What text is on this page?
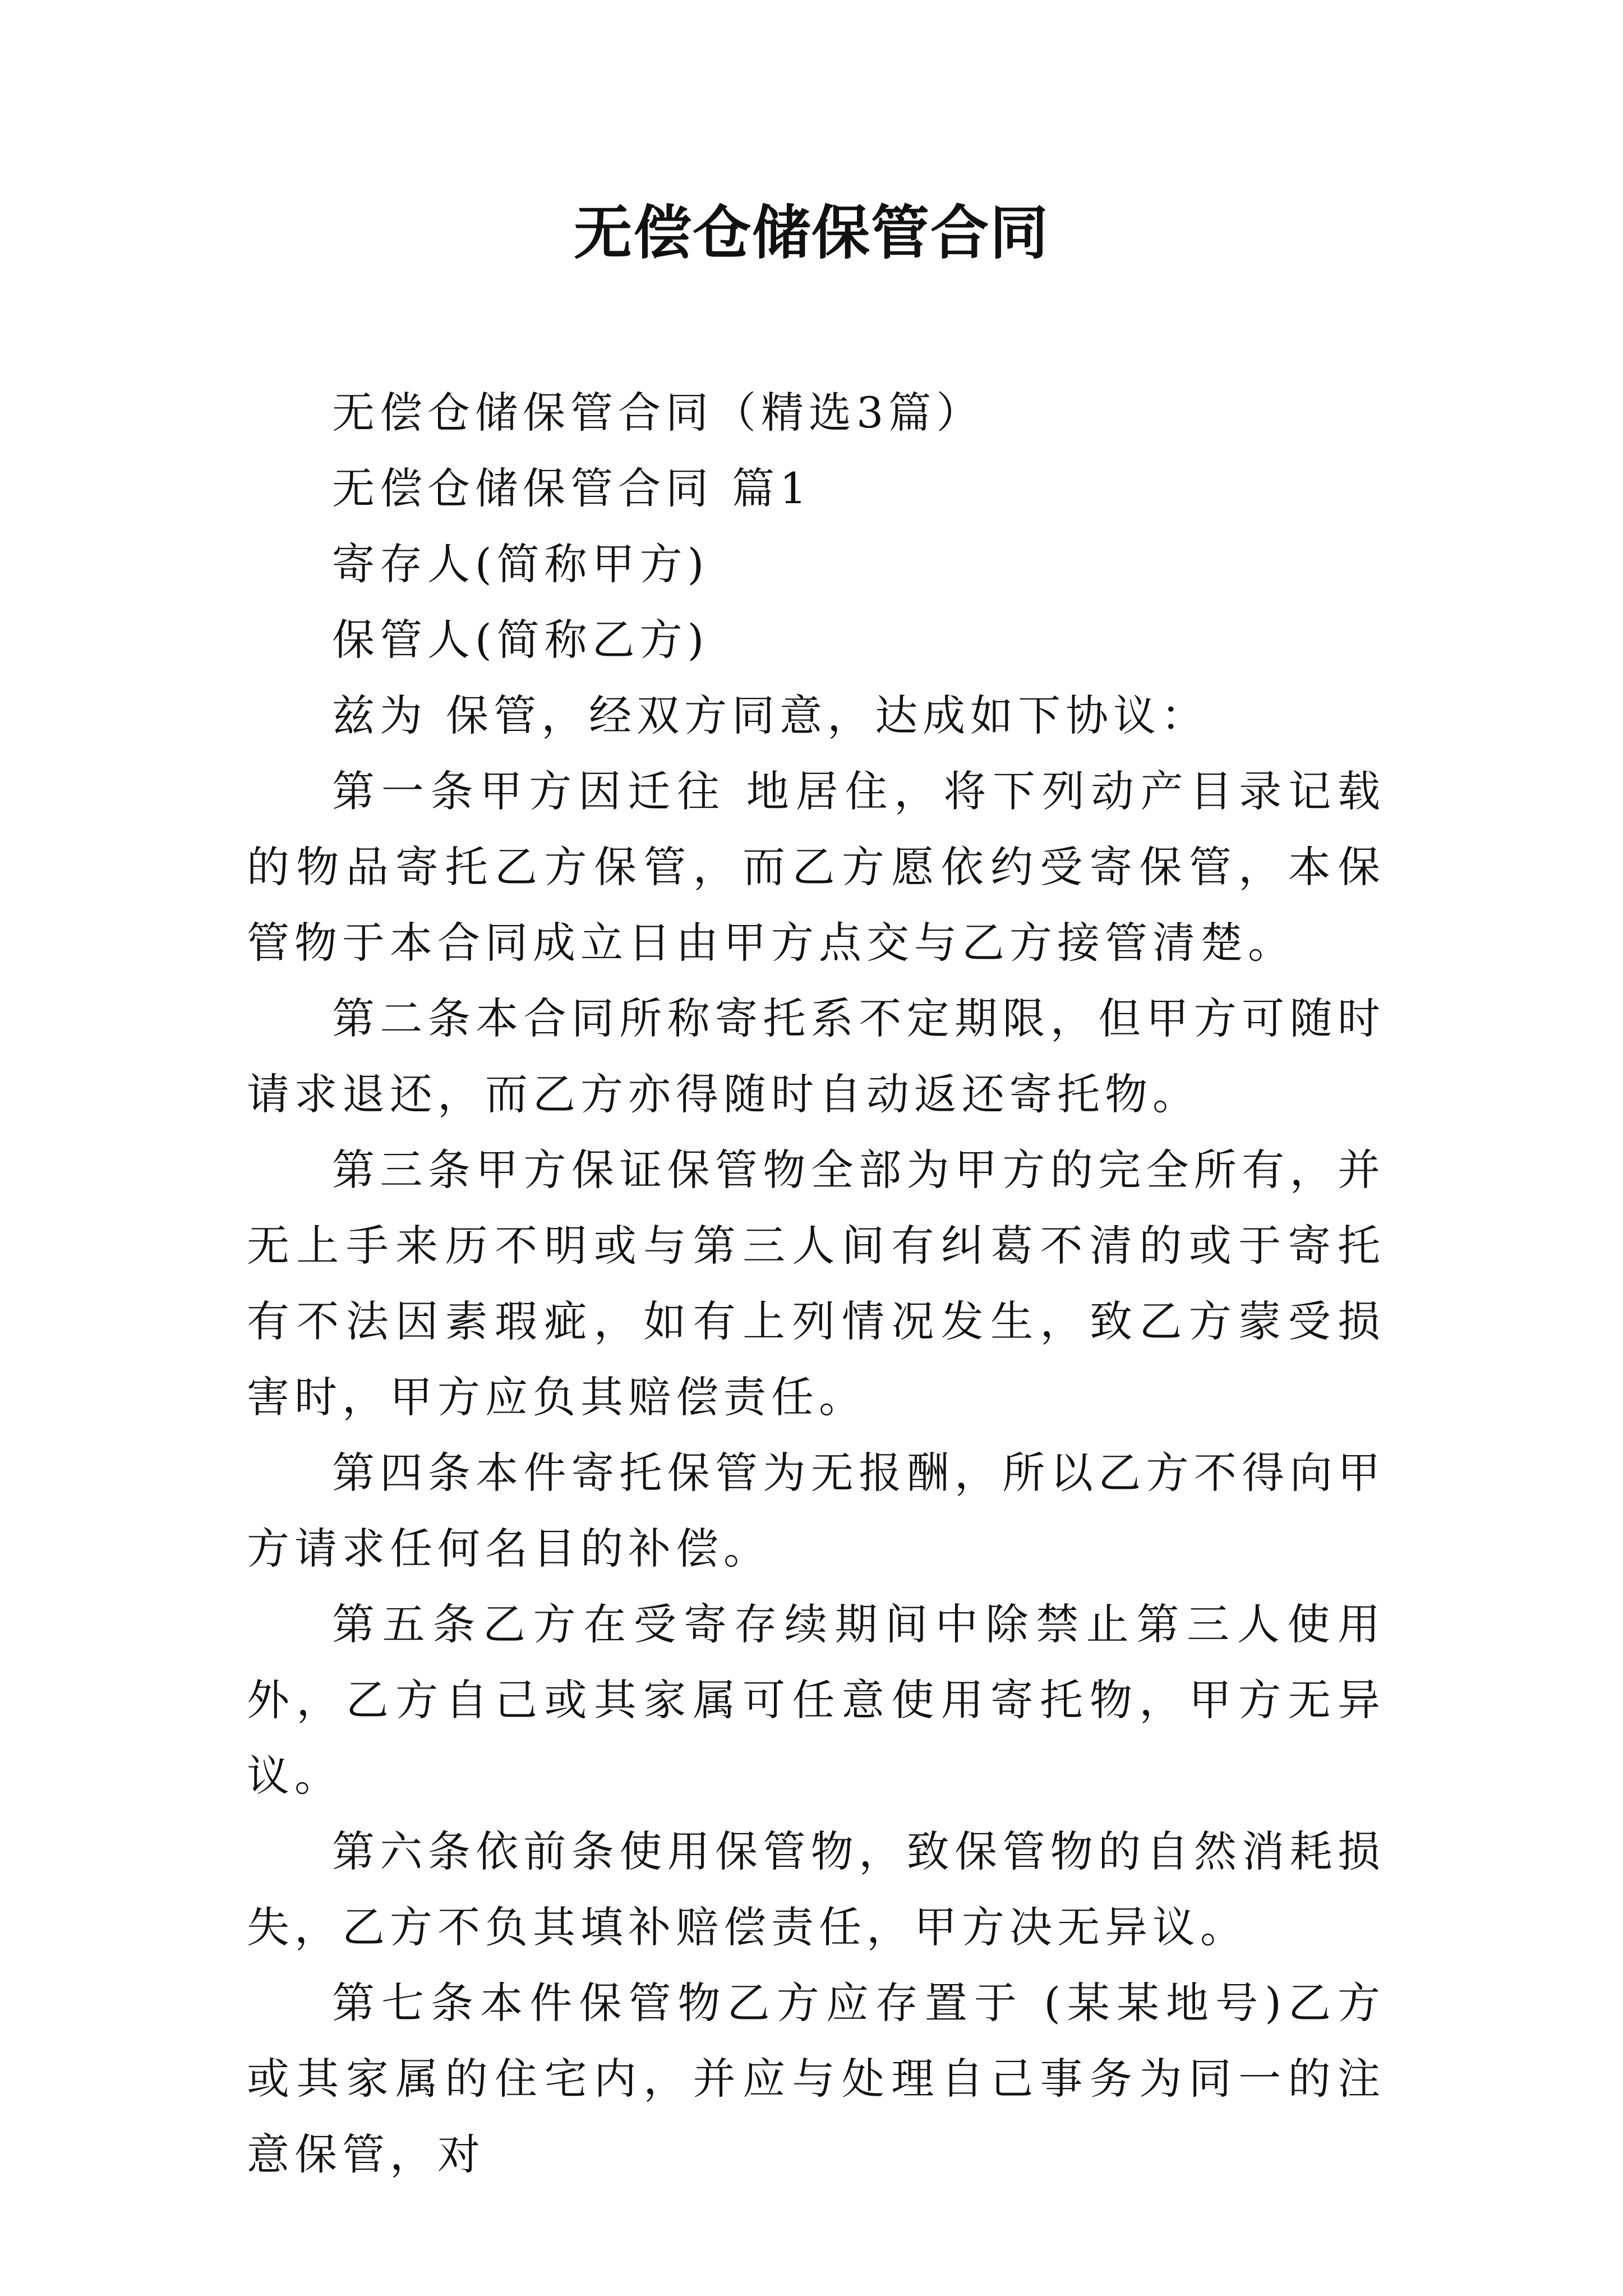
无偿仓储保管合同

无偿仓储保管合同（精选3篇）

无偿仓储保管合同 篇1

寄存人(简称甲方)

保管人(简称乙方)

兹为 保管，经双方同意，达成如下协议：

第一条甲方因迁往 地居住，将下列动产目录记载的物品寄托乙方保管，而乙方愿依约受寄保管，本保管物于本合同成立日由甲方点交与乙方接管清楚。

第二条本合同所称寄托系不定期限，但甲方可随时请求退还，而乙方亦得随时自动返还寄托物。

第三条甲方保证保管物全部为甲方的完全所有，并无上手来历不明或与第三人间有纠葛不清的或于寄托有不法因素瑕疵，如有上列情况发生，致乙方蒙受损害时，甲方应负其赔偿责任。

第四条本件寄托保管为无报酬，所以乙方不得向甲方请求任何名目的补偿。

第五条乙方在受寄存续期间中除禁止第三人使用外，乙方自己或其家属可任意使用寄托物，甲方无异议。

第六条依前条使用保管物，致保管物的自然消耗损失，乙方不负其填补赔偿责任，甲方决无异议。

第七条本件保管物乙方应存置于 (某某地号)乙方或其家属的住宅内，并应与处理自己事务为同一的注意保管，对
